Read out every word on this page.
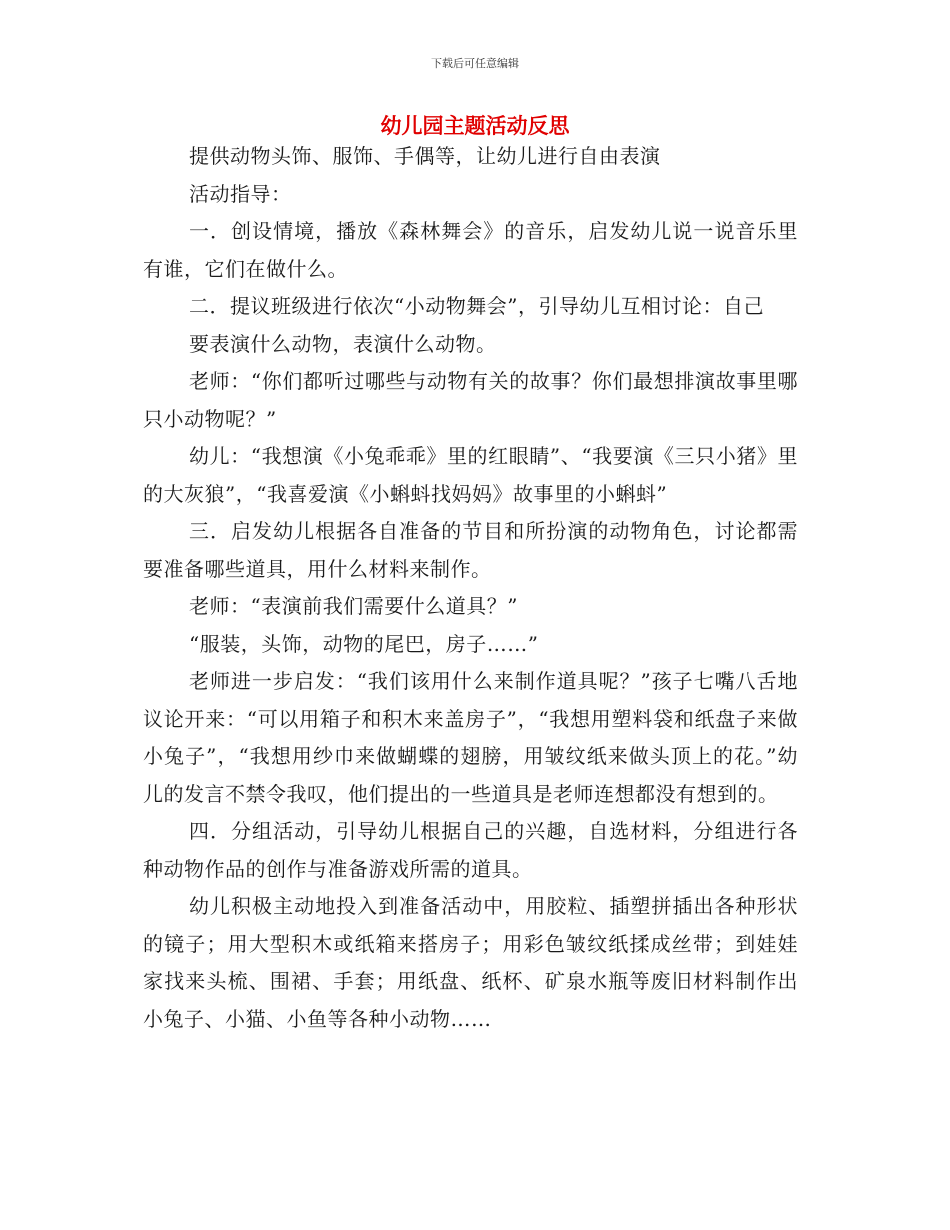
下载后可任意编辑
幼儿园主题活动反思

提供动物头饰、服饰、手偶等，让幼儿进行自由表演

活动指导：

一．创设情境，播放《森林舞会》的音乐，启发幼儿说一说音乐里有谁，它们在做什么。

二．提议班级进行依次“小动物舞会”，引导幼儿互相讨论：自己

要表演什么动物，表演什么动物。

老师：“你们都听过哪些与动物有关的故事？你们最想排演故事里哪只小动物呢？”

幼儿：“我想演《小兔乖乖》里的红眼睛”、“我要演《三只小猪》里的大灰狼”，“我喜爱演《小蝌蚪找妈妈》故事里的小蝌蚪”

三．启发幼儿根据各自准备的节目和所扮演的动物角色，讨论都需要准备哪些道具，用什么材料来制作。

老师：“表演前我们需要什么道具？”

“服装，头饰，动物的尾巴，房子……”

老师进一步启发：“我们该用什么来制作道具呢？”孩子七嘴八舌地议论开来：“可以用箱子和积木来盖房子”，“我想用塑料袋和纸盘子来做小兔子”，“我想用纱巾来做蝴蝶的翅膀，用皱纹纸来做头顶上的花。”幼儿的发言不禁令我叹，他们提出的一些道具是老师连想都没有想到的。

四．分组活动，引导幼儿根据自己的兴趣，自选材料，分组进行各种动物作品的创作与准备游戏所需的道具。

幼儿积极主动地投入到准备活动中，用胶粒、插塑拼插出各种形状的镜子；用大型积木或纸箱来搭房子；用彩色皱纹纸揉成丝带；到娃娃家找来头梳、围裙、手套；用纸盘、纸杯、矿泉水瓶等废旧材料制作出小兔子、小猫、小鱼等各种小动物……
